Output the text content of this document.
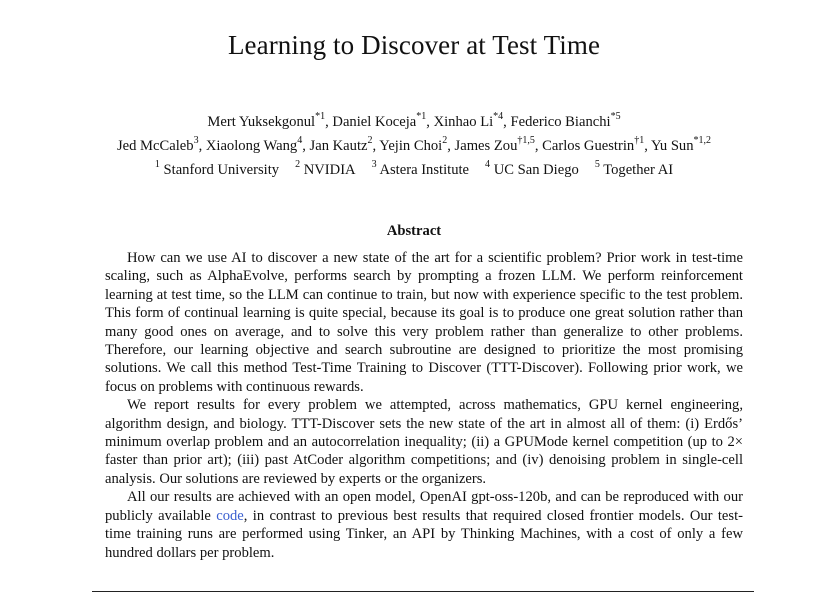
Learning to Discover at Test Time
Mert Yuksekgonul$^{*1}$, Daniel Koceja$^{*1}$, Xinhao Li$^{*4}$, Federico Bianchi$^{*5}$
Jed McCaleb$^3$, Xiaolong Wang$^4$, Jan Kautz$^2$, Yejin Choi$^2$, James Zou$^{\dagger 1,5}$, Carlos Guestrin$^{\dagger 1}$, Yu Sun$^{*1,2}$
$^1$ Stanford University $^2$ NVIDIA $^3$ Astera Institute $^4$ UC San Diego $^5$ Together AI
Abstract

How can we use AI to discover a new state of the art for a scientific problem? Prior work in test-time scaling, such as AlphaEvolve, performs search by prompting a frozen LLM. We perform reinforcement learning at test time, so the LLM can continue to train, but now with experience specific to the test problem. This form of continual learning is quite special, because its goal is to produce one great solution rather than many good ones on average, and to solve this very problem rather than generalize to other problems. Therefore, our learning objective and search subroutine are designed to prioritize the most promising solutions. We call this method Test-Time Training to Discover (TTT-Discover). Following prior work, we focus on problems with continuous rewards.

We report results for every problem we attempted, across mathematics, GPU kernel engineering, algorithm design, and biology. TTT-Discover sets the new state of the art in almost all of them: (i) Erdős’ minimum overlap problem and an autocorrelation inequality; (ii) a GPUMode kernel competition (up to 2× faster than prior art); (iii) past AtCoder algorithm competitions; and (iv) denoising problem in single-cell analysis. Our solutions are reviewed by experts or the organizers.

All our results are achieved with an open model, OpenAI gpt-oss-120b, and can be reproduced with our publicly available code, in contrast to previous best results that required closed frontier models. Our test-time training runs are performed using Tinker, an API by Thinking Machines, with a cost of only a few hundred dollars per problem.
